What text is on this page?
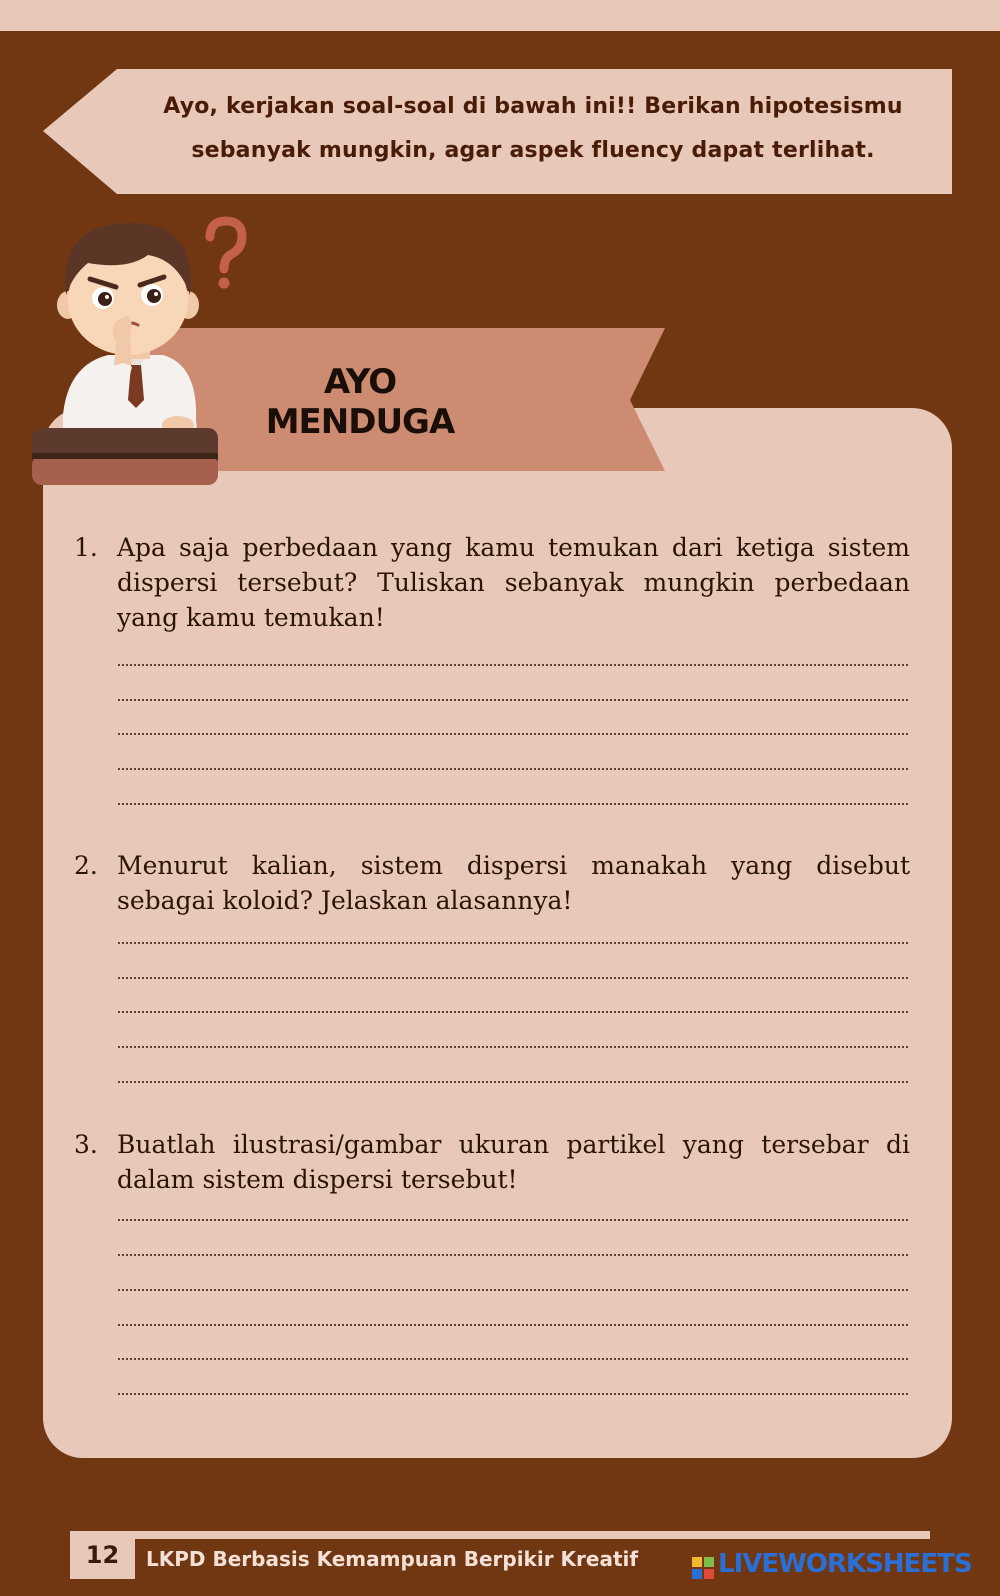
Ayo, kerjakan soal-soal di bawah ini!! Berikan hipotesismu
sebanyak mungkin, agar aspek fluency dapat terlihat.
AYO MENDUGA
1. Apa saja perbedaan yang kamu temukan dari ketiga sistem dispersi tersebut? Tuliskan sebanyak mungkin perbedaan yang kamu temukan!
2. Menurut kalian, sistem dispersi manakah yang disebut sebagai koloid? Jelaskan alasannya!
3. Buatlah ilustrasi/gambar ukuran partikel yang tersebar di dalam sistem dispersi tersebut!
12	LKPD Berbasis Kemampuan Berpikir Kreatif	LIVEWORKSHEETS
